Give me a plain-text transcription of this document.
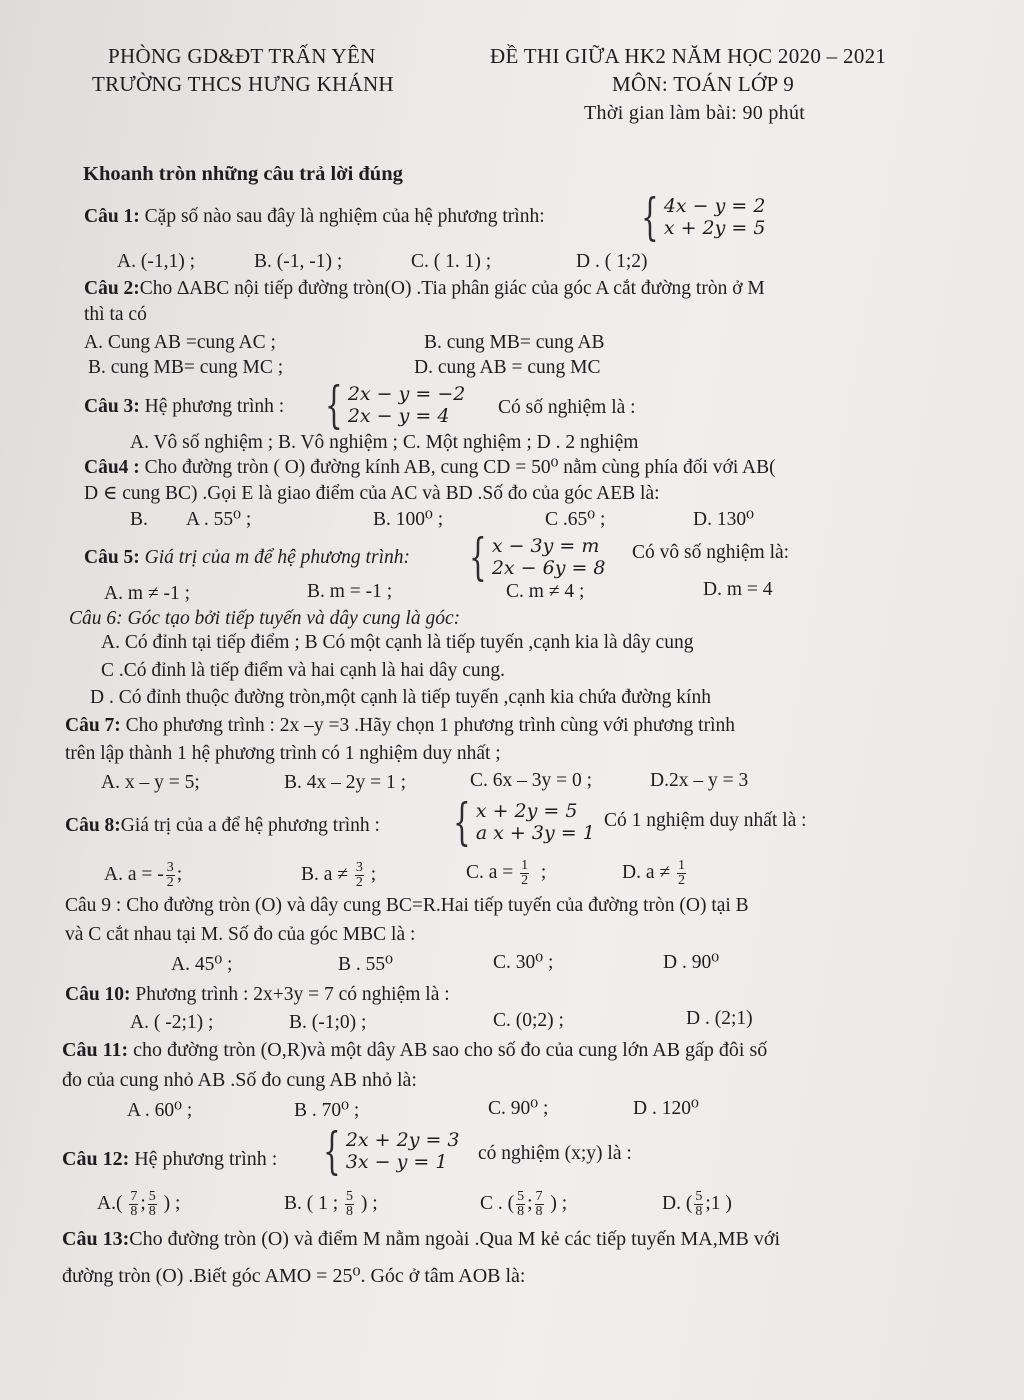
PHÒNG GD&ĐT TRẤN YÊN
TRƯỜNG THCS HƯNG KHÁNH
ĐỀ THI GIỮA HK2 NĂM HỌC 2020 – 2021
MÔN: TOÁN LỚP 9
Thời gian làm bài: 90 phút
Khoanh tròn những câu trả lời đúng
Câu 1: Cặp số nào sau đây là nghiệm của hệ phương trình: { 4x − y = 2
x + 2y = 5
A. (-1,1) ;	B. (-1, -1) ;	C. ( 1. 1) ;	D . ( 1;2)
Câu 2:Cho ∆ABC nội tiếp đường tròn(O) .Tia phân giác của góc A cắt đường tròn ở M
thì ta có
A. Cung AB =cung AC ;	B. cung MB= cung AB
B. cung MB= cung MC ;	D. cung AB = cung MC
Câu 3: Hệ phương trình : { 2x − y = −2
2x − y = 4	Có số nghiệm là :
A. Vô số nghiệm ; B. Vô nghiệm ; C. Một nghiệm ; D . 2 nghiệm
Câu4 : Cho đường tròn ( O) đường kính AB, cung CD = 50⁰ nằm cùng phía đối với AB(
D ∈ cung BC) .Gọi E là giao điểm của AC và BD .Số đo của góc AEB là:
B. A . 55⁰ ;	B. 100⁰ ;	C .65⁰ ;	D. 130⁰
Câu 5: Giá trị của m để hệ phương trình: { x − 3y = m
2x − 6y = 8
Có vô số nghiệm là:
A. m ≠ -1 ;	B. m = -1 ;	C. m ≠ 4 ;	D. m = 4
Câu 6: Góc tạo bởi tiếp tuyến và dây cung là góc:
A. Có đỉnh tại tiếp điểm ; B Có một cạnh là tiếp tuyến ,cạnh kia là dây cung
C .Có đỉnh là tiếp điểm và hai cạnh là hai dây cung.
D . Có đỉnh thuộc đường tròn,một cạnh là tiếp tuyến ,cạnh kia chứa đường kính
Câu 7: Cho phương trình : 2x –y =3 .Hãy chọn 1 phương trình cùng với phương trình
trên lập thành 1 hệ phương trình có 1 nghiệm duy nhất ;
A. x – y = 5;	B. 4x – 2y = 1 ;	C. 6x – 3y = 0 ;	D.2x – y = 3
Câu 8:Giá trị của a để hệ phương trình : { x + 2y = 5
a x + 3y = 1
Có 1 nghiệm duy nhất là :
A. a = - $\frac{3}{2}$ ;	B. $a \ne \frac{3}{2}$ ;	C. $a = \frac{1}{2}$ ;	D. $a \ne \frac{1}{2}$
Câu 9 : Cho đường tròn (O) và dây cung BC=R.Hai tiếp tuyến của đường tròn (O) tại B
và C cắt nhau tại M. Số đo của góc MBC là :
A. 45⁰ ;	B . 55⁰	C. 30⁰ ;	D . 90⁰
Câu 10: Phương trình : 2x+3y = 7 có nghiệm là :
A. ( -2;1) ;	B. (-1;0) ;	C. (0;2) ;	D . (2;1)
Câu 11: cho đường tròn (O,R)và một dây AB sao cho số đo của cung lớn AB gấp đôi số
đo của cung nhỏ AB .Số đo cung AB nhỏ là:
A . 60⁰ ;	B . 70⁰ ;	C. 90⁰ ;	D . 120⁰
Câu 12: Hệ phương trình : { 2x + 2y = 3
3x − y = 1	có nghiệm (x;y) là :
$A.( \frac{7}{8}$ ; $\frac{5}{8}$ ) ;	B. ( 1 ; $\frac{5}{8}$ ) ;	C . ( $\frac{5}{8}$ ; $\frac{7}{8}$ ) ;	D. ( $\frac{5}{8}$ ;1 )
Câu 13:Cho đường tròn (O) và điểm M nằm ngoài .Qua M kẻ các tiếp tuyến MA,MB với
đường tròn (O) .Biết góc AMO = 25⁰. Góc ở tâm AOB là:
